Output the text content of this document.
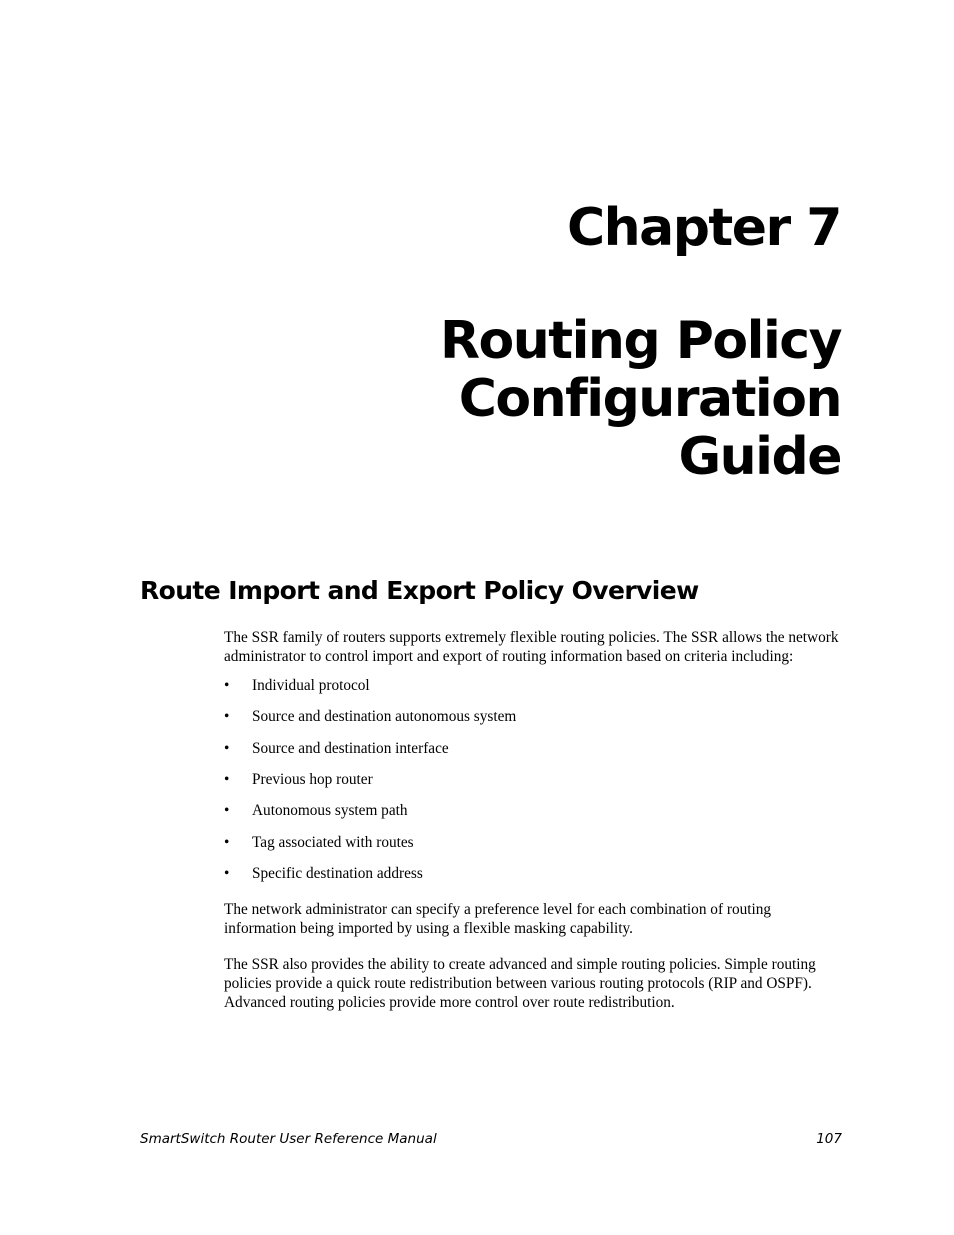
Chapter 7
Routing Policy
Configuration
Guide
Route Import and Export Policy Overview

The SSR family of routers supports extremely flexible routing policies. The SSR allows the network administrator to control import and export of routing information based on criteria including:

• Individual protocol
• Source and destination autonomous system
• Source and destination interface
• Previous hop router
• Autonomous system path
• Tag associated with routes
• Specific destination address

The network administrator can specify a preference level for each combination of routing information being imported by using a flexible masking capability.

The SSR also provides the ability to create advanced and simple routing policies. Simple routing policies provide a quick route redistribution between various routing protocols (RIP and OSPF). Advanced routing policies provide more control over route redistribution.

SmartSwitch Router User Reference Manual	107
